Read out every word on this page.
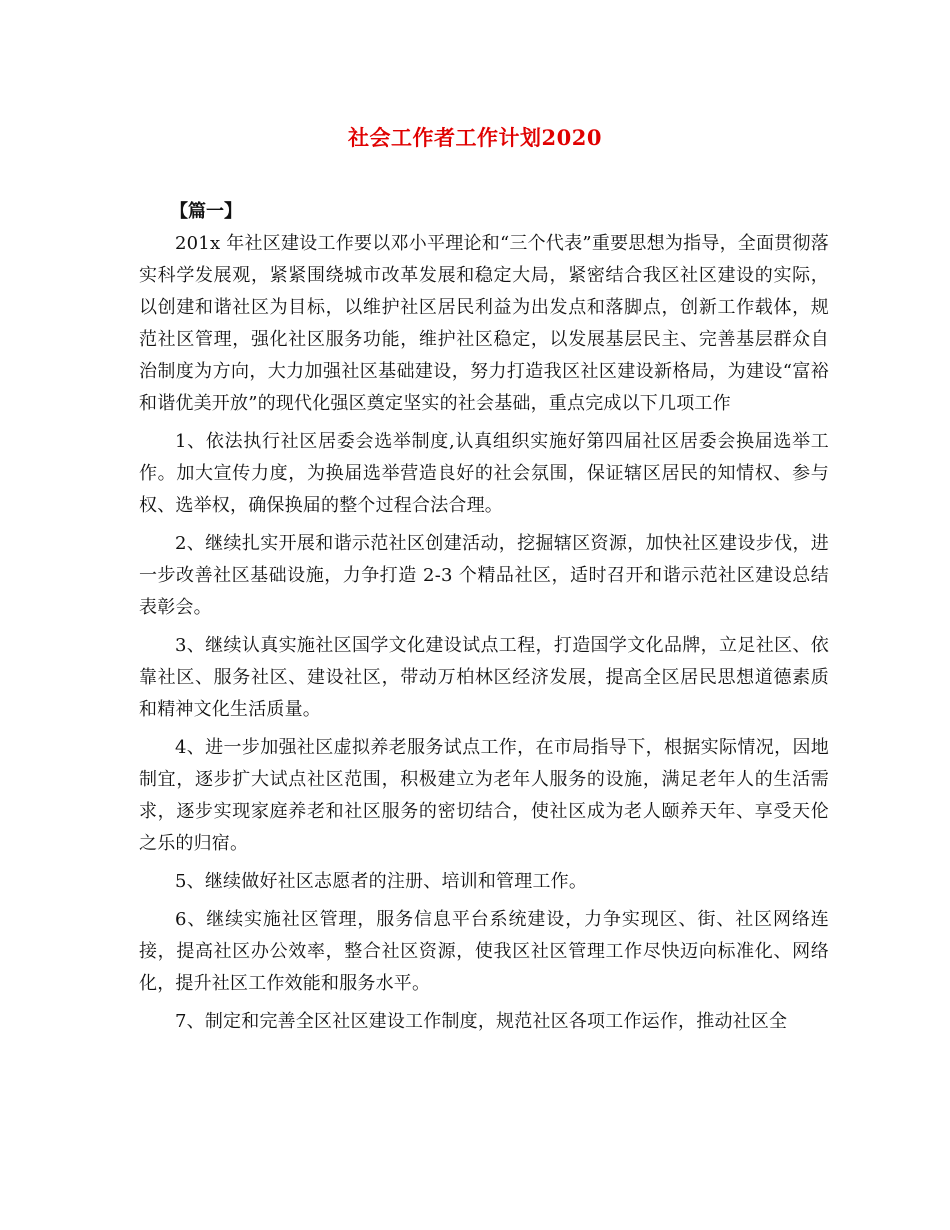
社会工作者工作计划2020

【篇一】

201x 年社区建设工作要以邓小平理论和“三个代表”重要思想为指导，全面贯彻落实科学发展观，紧紧围绕城市改革发展和稳定大局，紧密结合我区社区建设的实际，以创建和谐社区为目标，以维护社区居民利益为出发点和落脚点，创新工作载体，规范社区管理，强化社区服务功能，维护社区稳定，以发展基层民主、完善基层群众自治制度为方向，大力加强社区基础建设，努力打造我区社区建设新格局，为建设“富裕和谐优美开放”的现代化强区奠定坚实的社会基础，重点完成以下几项工作

1、依法执行社区居委会选举制度,认真组织实施好第四届社区居委会换届选举工作。加大宣传力度，为换届选举营造良好的社会氛围，保证辖区居民的知情权、参与权、选举权，确保换届的整个过程合法合理。

2、继续扎实开展和谐示范社区创建活动，挖掘辖区资源，加快社区建设步伐，进一步改善社区基础设施，力争打造 2-3 个精品社区，适时召开和谐示范社区建设总结表彰会。

3、继续认真实施社区国学文化建设试点工程，打造国学文化品牌，立足社区、依靠社区、服务社区、建设社区，带动万柏林区经济发展，提高全区居民思想道德素质和精神文化生活质量。

4、进一步加强社区虚拟养老服务试点工作，在市局指导下，根据实际情况，因地制宜，逐步扩大试点社区范围，积极建立为老年人服务的设施，满足老年人的生活需求，逐步实现家庭养老和社区服务的密切结合，使社区成为老人颐养天年、享受天伦之乐的归宿。

5、继续做好社区志愿者的注册、培训和管理工作。

6、继续实施社区管理，服务信息平台系统建设，力争实现区、街、社区网络连接，提高社区办公效率，整合社区资源，使我区社区管理工作尽快迈向标准化、网络化，提升社区工作效能和服务水平。

7、制定和完善全区社区建设工作制度，规范社区各项工作运作，推动社区全
